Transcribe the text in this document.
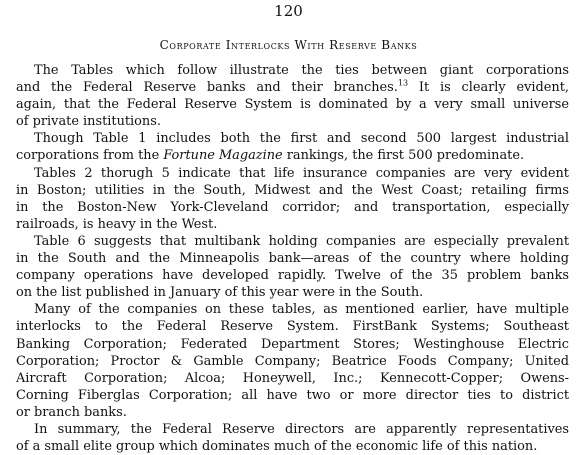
120
Corporate Interlocks With Reserve Banks
The Tables which follow illustrate the ties between giant corporations
and the Federal Reserve banks and their branches.$^{13}$ It is clearly evident,
again, that the Federal Reserve System is dominated by a very small universe
of private institutions.
Though Table 1 includes both the first and second 500 largest industrial
corporations from the Fortune Magazine rankings, the first 500 predominate.
Tables 2 thorugh 5 indicate that life insurance companies are very evident
in Boston; utilities in the South, Midwest and the West Coast; retailing firms
in the Boston-New York-Cleveland corridor; and transportation, especially
railroads, is heavy in the West.
Table 6 suggests that multibank holding companies are especially prevalent
in the South and the Minneapolis bank—areas of the country where holding
company operations have developed rapidly. Twelve of the 35 problem banks
on the list published in January of this year were in the South.
Many of the companies on these tables, as mentioned earlier, have multiple
interlocks to the Federal Reserve System. FirstBank Systems; Southeast
Banking Corporation; Federated Department Stores; Westinghouse Electric
Corporation; Proctor & Gamble Company; Beatrice Foods Company; United
Aircraft Corporation; Alcoa; Honeywell, Inc.; Kennecott-Copper; Owens-
Corning Fiberglas Corporation; all have two or more director ties to district
or branch banks.
In summary, the Federal Reserve directors are apparently representatives
of a small elite group which dominates much of the economic life of this nation.
